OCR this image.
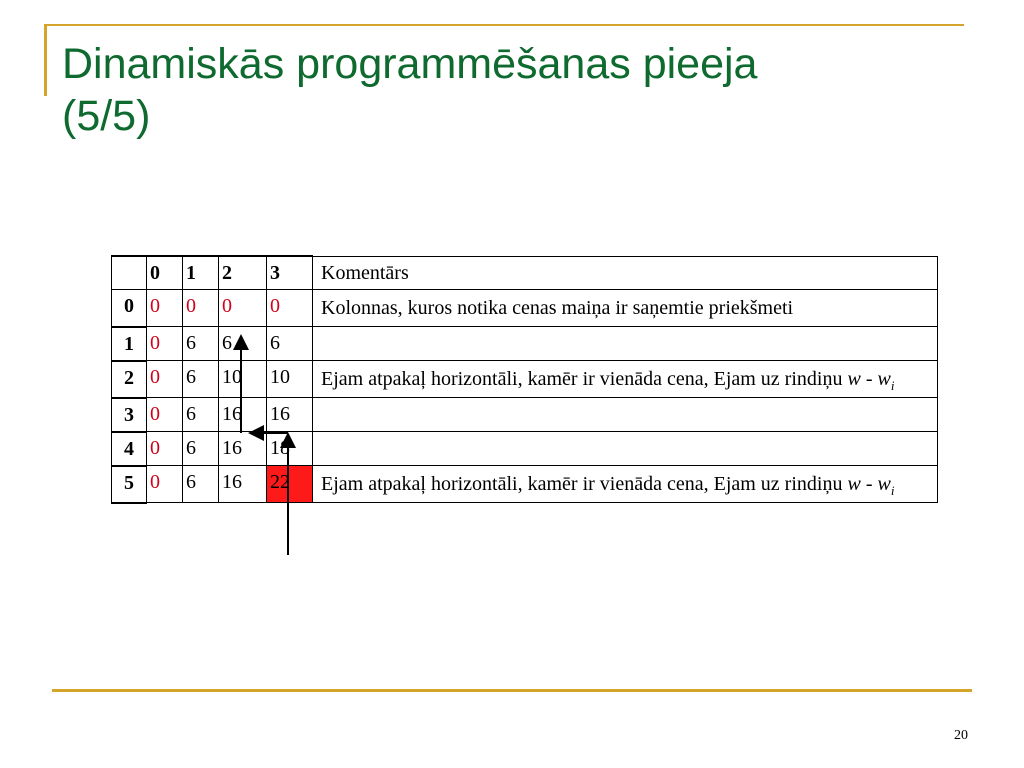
Dinamiskās programmēšanas pieeja
(5/5)
	0	1	2	3	Komentārs
0	0	0	0	0	Kolonnas, kuros notika cenas maiņa ir saņemtie priekšmeti
1	0	6	6	6	
2	0	6	10	10	Ejam atpakaļ horizontāli, kamēr ir vienāda cena, Ejam uz rindiņu w - $w_i$
3	0	6	16	16	
4	0	6	16	18	
5	0	6	16	22	Ejam atpakaļ horizontāli, kamēr ir vienāda cena, Ejam uz rindiņu w - $w_i$
20
